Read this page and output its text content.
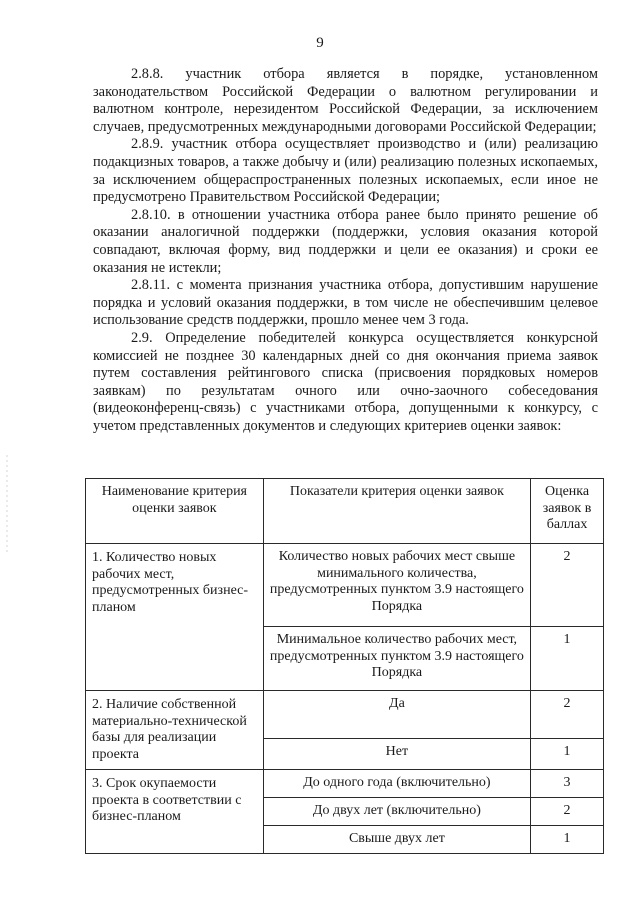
9

2.8.8. участник отбора является в порядке, установленном законодательством Российской Федерации о валютном регулировании и валютном контроле, нерезидентом Российской Федерации, за исключением случаев, предусмотренных международными договорами Российской Федерации;

2.8.9. участник отбора осуществляет производство и (или) реализацию подакцизных товаров, а также добычу и (или) реализацию полезных ископаемых, за исключением общераспространенных полезных ископаемых, если иное не предусмотрено Правительством Российской Федерации;

2.8.10. в отношении участника отбора ранее было принято решение об оказании аналогичной поддержки (поддержки, условия оказания которой совпадают, включая форму, вид поддержки и цели ее оказания) и сроки ее оказания не истекли;

2.8.11. с момента признания участника отбора, допустившим нарушение порядка и условий оказания поддержки, в том числе не обеспечившим целевое использование средств поддержки, прошло менее чем 3 года.

2.9. Определение победителей конкурса осуществляется конкурсной комиссией не позднее 30 календарных дней со дня окончания приема заявок путем составления рейтингового списка (присвоения порядковых номеров заявкам) по результатам очного или очно-заочного собеседования (видеоконференц-связь) с участниками отбора, допущенными к конкурсу, с учетом представленных документов и следующих критериев оценки заявок:

Наименование критерия оценки заявок	Показатели критерия оценки заявок	Оценка заявок в баллах
1. Количество новых рабочих мест, предусмотренных бизнес-планом	Количество новых рабочих мест свыше минимального количества, предусмотренных пунктом 3.9 настоящего Порядка	2
	Минимальное количество рабочих мест, предусмотренных пунктом 3.9 настоящего Порядка	1
2. Наличие собственной материально-технической базы для реализации проекта	Да	2
	Нет	1
3. Срок окупаемости проекта в соответствии с бизнес-планом	До одного года (включительно)	3
	До двух лет (включительно)	2
	Свыше двух лет	1
